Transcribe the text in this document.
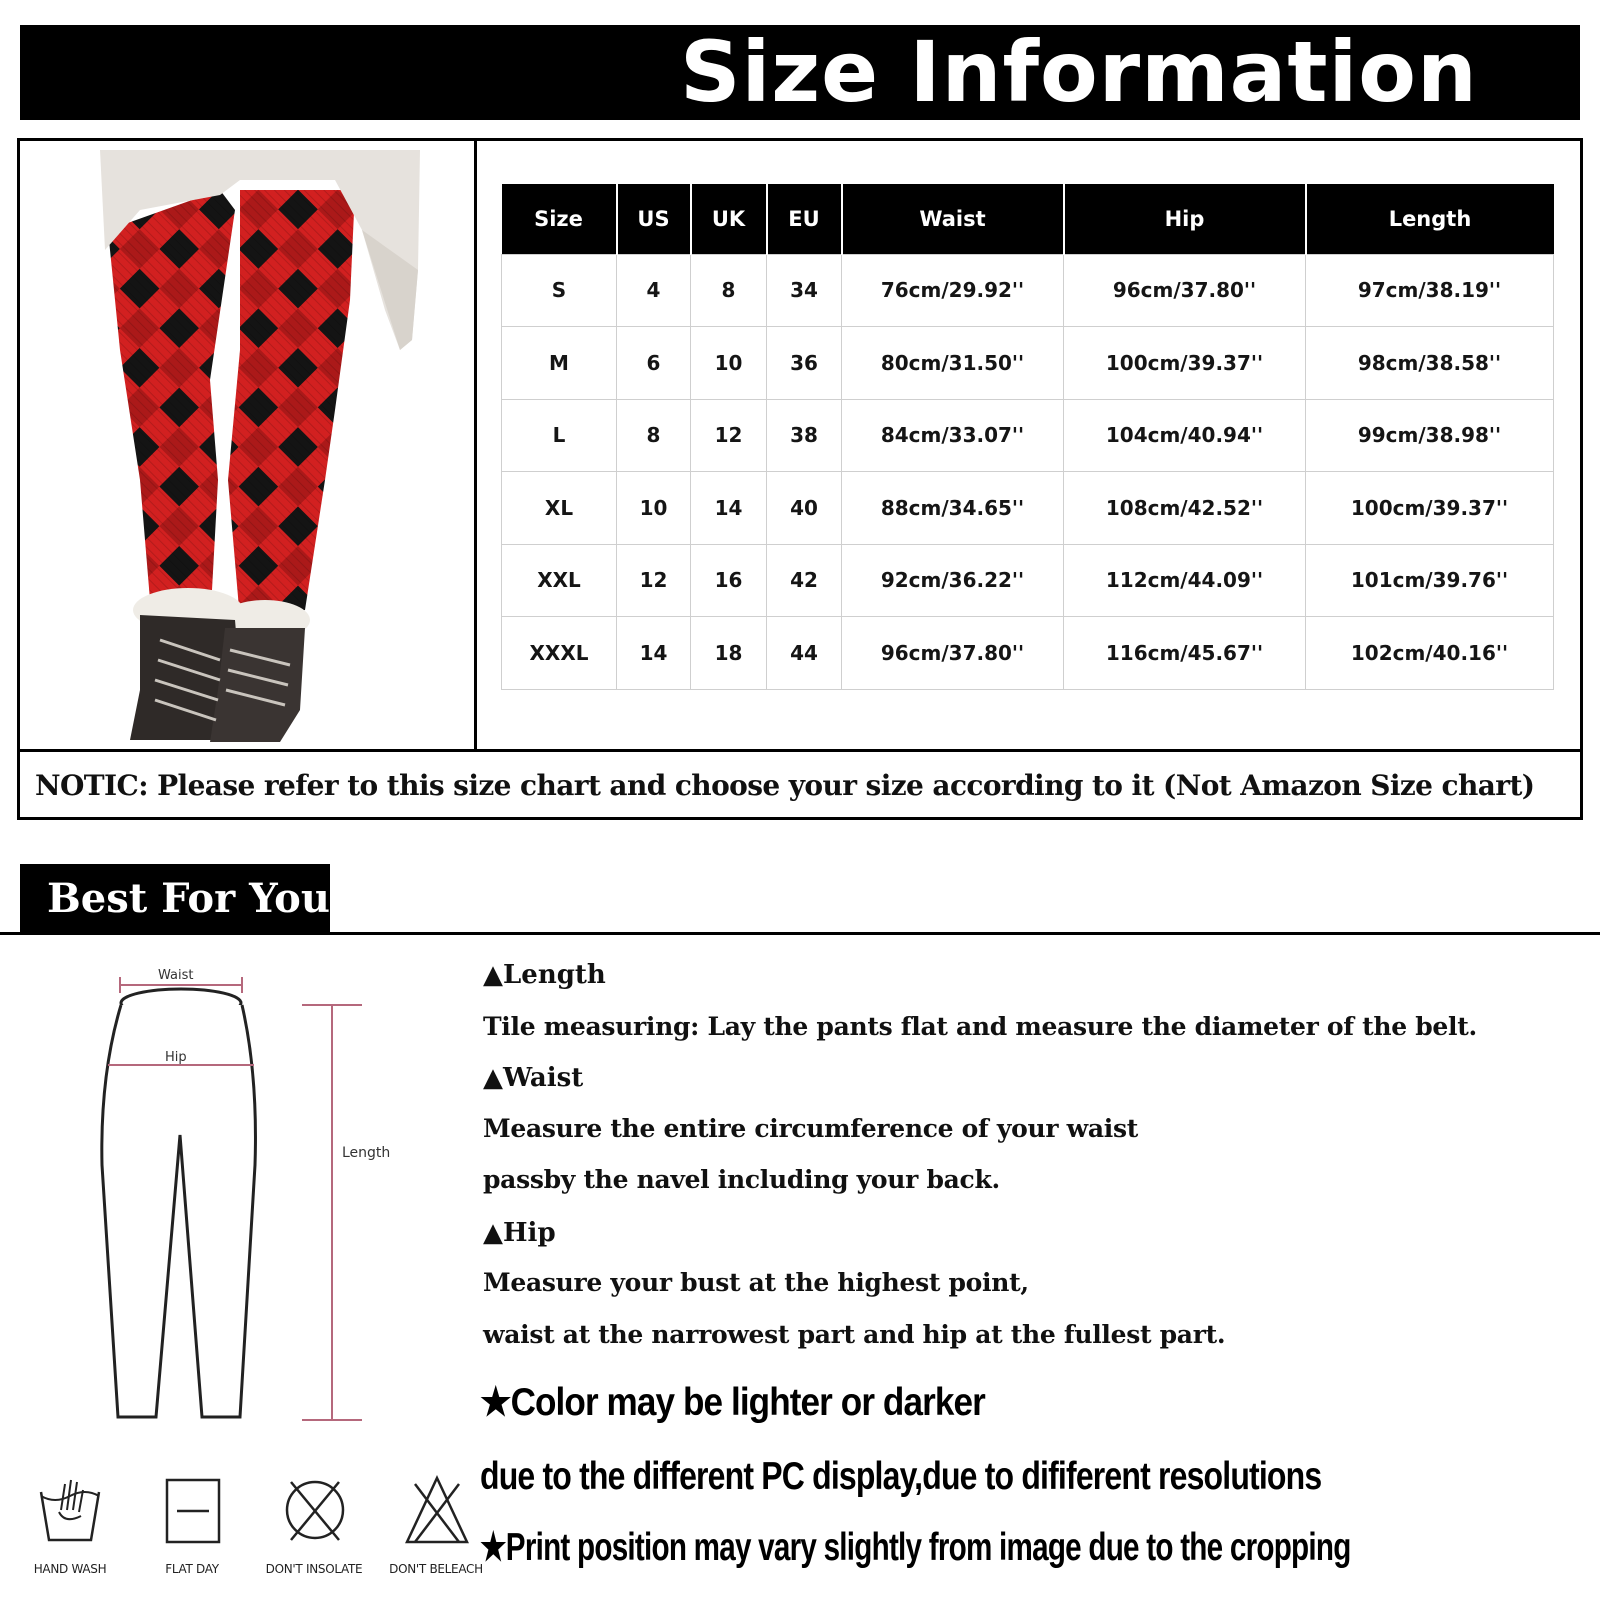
Size Information
Size	US	UK	EU	Waist	Hip	Length
S	4	8	34	76cm/29.92''	96cm/37.80''	97cm/38.19''
M	6	10	36	80cm/31.50''	100cm/39.37''	98cm/38.58''
L	8	12	38	84cm/33.07''	104cm/40.94''	99cm/38.98''
XL	10	14	40	88cm/34.65''	108cm/42.52''	100cm/39.37''
XXL	12	16	42	92cm/36.22''	112cm/44.09''	101cm/39.76''
XXXL	14	18	44	96cm/37.80''	116cm/45.67''	102cm/40.16''
NOTIC: Please refer to this size chart and choose your size according to it (Not Amazon Size chart)
Best For You
Waist
Hip
Length
HAND WASH	FLAT DAY	DON'T INSOLATE	DON'T BELEACH
▲Length
Tile measuring: Lay the pants flat and measure the diameter of the belt.
▲Waist
Measure the entire circumference of your waist
passby the navel including your back.
▲Hip
Measure your bust at the highest point,
waist at the narrowest part and hip at the fullest part.
★Color may be lighter or darker
due to the different PC display,due to dififerent resolutions
★Print position may vary slightly from image due to the cropping
